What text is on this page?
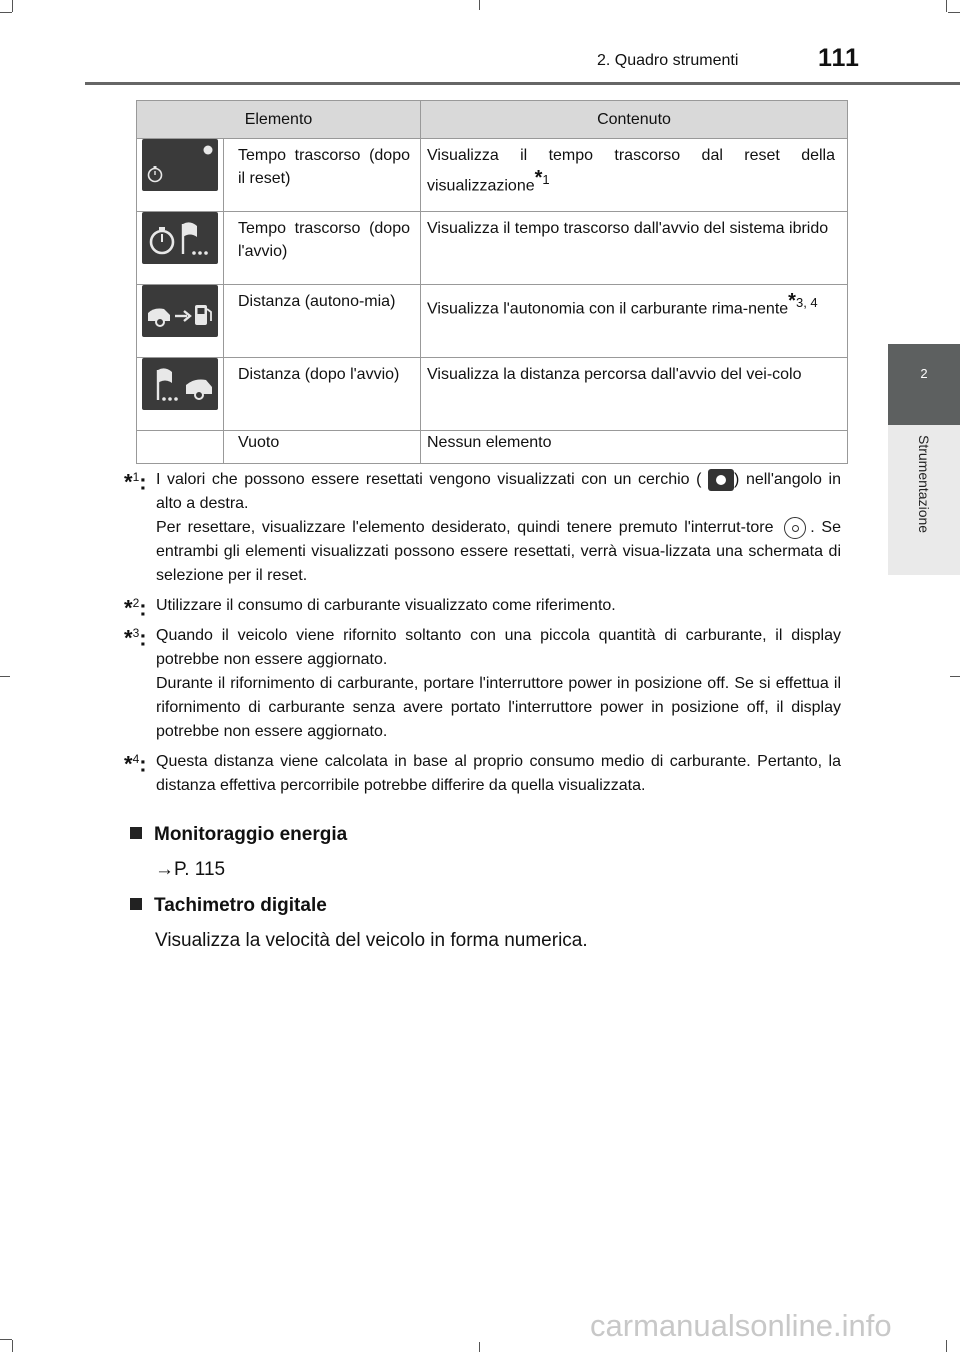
2. Quadro strumenti	111
2
Strumentazione
Elemento		Contenuto
	Tempo trascorso (dopo il reset)	Visualizza il tempo trascorso dal reset della visualizzazione$^{*1}$
	Tempo trascorso (dopo l'avvio)	Visualizza il tempo trascorso dall'avvio del sistema ibrido
	Distanza (autono-mia)	Visualizza l'autonomia con il carburante rima-nente$^{*3, 4}$
	Distanza (dopo l'avvio)	Visualizza la distanza percorsa dall'avvio del vei-colo
	Vuoto	Nessun elemento
*$^1$: I valori che possono essere resettati vengono visualizzati con un cerchio ( ) nell'angolo in alto a destra.

Per resettare, visualizzare l'elemento desiderato, quindi tenere premuto l'interrut-tore . Se entrambi gli elementi visualizzati possono essere resettati, verrà visua-lizzata una schermata di selezione per il reset.

*$^2$: Utilizzare il consumo di carburante visualizzato come riferimento.

*$^3$: Quando il veicolo viene rifornito soltanto con una piccola quantità di carburante, il display potrebbe non essere aggiornato.

Durante il rifornimento di carburante, portare l'interruttore power in posizione off. Se si effettua il rifornimento di carburante senza avere portato l'interruttore power in posizione off, il display potrebbe non essere aggiornato.

*$^4$: Questa distanza viene calcolata in base al proprio consumo medio di carburante. Pertanto, la distanza effettiva percorribile potrebbe differire da quella visualizzata.

Monitoraggio energia
→P. 115
Tachimetro digitale
Visualizza la velocità del veicolo in forma numerica.
carmanualsonline.info
